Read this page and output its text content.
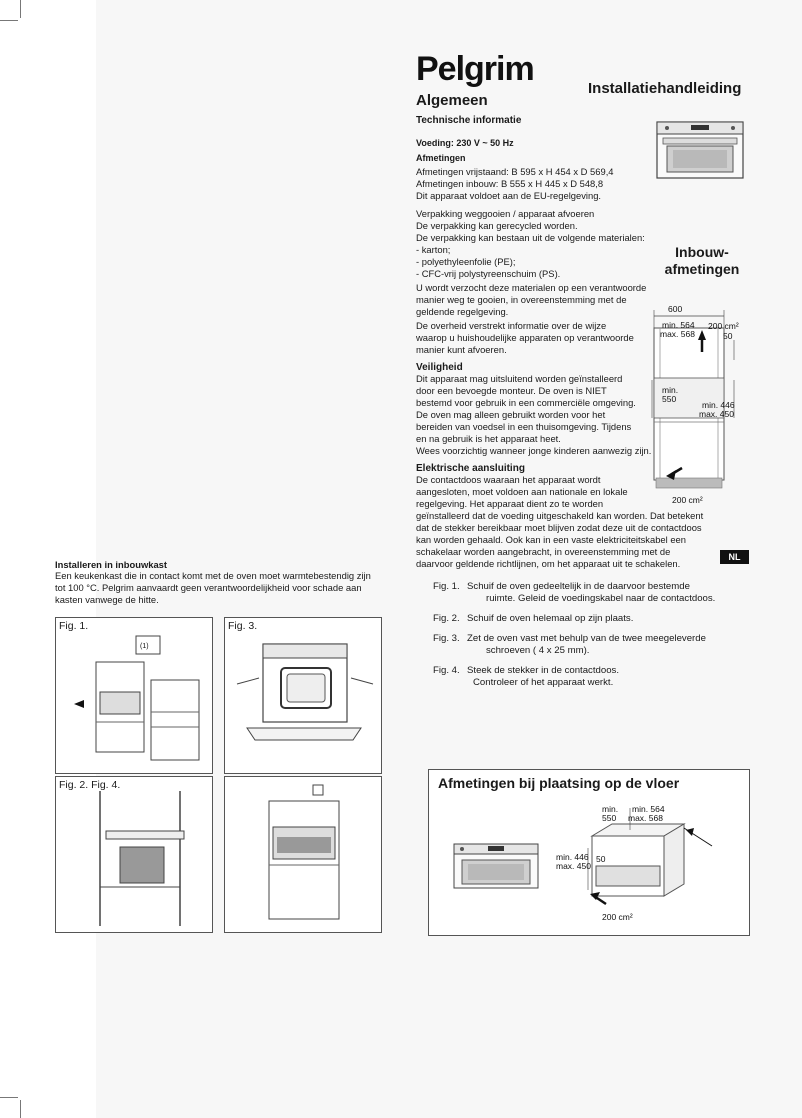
Pelgrim
Installatiehandleiding
Algemeen
Technische informatie
Voeding: 230 V ~ 50 Hz
Afmetingen
Afmetingen vrijstaand: B 595 x H 454 x D 569,4
Afmetingen inbouw: B 555 x H 445 x D 548,8
Dit apparaat voldoet aan de EU-regelgeving.
Verpakking weggooien / apparaat afvoeren
De verpakking kan gerecycled worden.
De verpakking kan bestaan uit de volgende materialen:
- karton;
- polyethyleenfolie (PE);
- CFC-vrij polystyreenschuim (PS).
U wordt verzocht deze materialen op een verantwoorde
manier weg te gooien, in overeenstemming met de
geldende regelgeving.
De overheid verstrekt informatie over de wijze
waarop u huishoudelijke apparaten op verantwoorde
manier kunt afvoeren.
Veiligheid
Dit apparaat mag uitsluitend worden geïnstalleerd
door een bevoegde monteur. De oven is NIET
bestemd voor gebruik in een commerciële omgeving.
De oven mag alleen gebruikt worden voor het
bereiden van voedsel in een thuisomgeving. Tijdens
en na gebruik is het apparaat heet.
Wees voorzichtig wanneer jonge kinderen aanwezig zijn.
Elektrische aansluiting
De contactdoos waaraan het apparaat wordt
aangesloten, moet voldoen aan nationale en lokale
regelgeving. Het apparaat dient zo te worden
geïnstalleerd dat de voeding uitgeschakeld kan worden. Dat betekent
dat de stekker bereikbaar moet blijven zodat deze uit de contactdoos
kan worden gehaald. Ook kan in een vaste elektriciteitskabel een
schakelaar worden aangebracht, in overeenstemming met de
daarvoor geldende richtlijnen, om het apparaat uit te schakelen.
Inbouw-
afmetingen
600
min. 564
max. 568
200 cm²
50
min.
550
min. 446
max. 450
200 cm²
NL
Installeren in inbouwkast
Een keukenkast die in contact komt met de oven moet warmtebestendig zijn
tot 100 °C. Pelgrim aanvaardt geen verantwoordelijkheid voor schade aan
kasten vanwege de hitte.
Fig. 1.
(1)
Fig. 3.
Fig. 2. Fig. 4.
Fig. 1. Schuif de oven gedeeltelijk in de daarvoor bestemde
ruimte. Geleid de voedingskabel naar de contactdoos.
Fig. 2. Schuif de oven helemaal op zijn plaats.
Fig. 3. Zet de oven vast met behulp van de twee meegeleverde
schroeven ( 4 x 25 mm).
Fig. 4. Steek de stekker in de contactdoos.
Controleer of het apparaat werkt.
Afmetingen bij plaatsing op de vloer
min.
550
min. 564
max. 568
min. 446
max. 450
50
200 cm²
